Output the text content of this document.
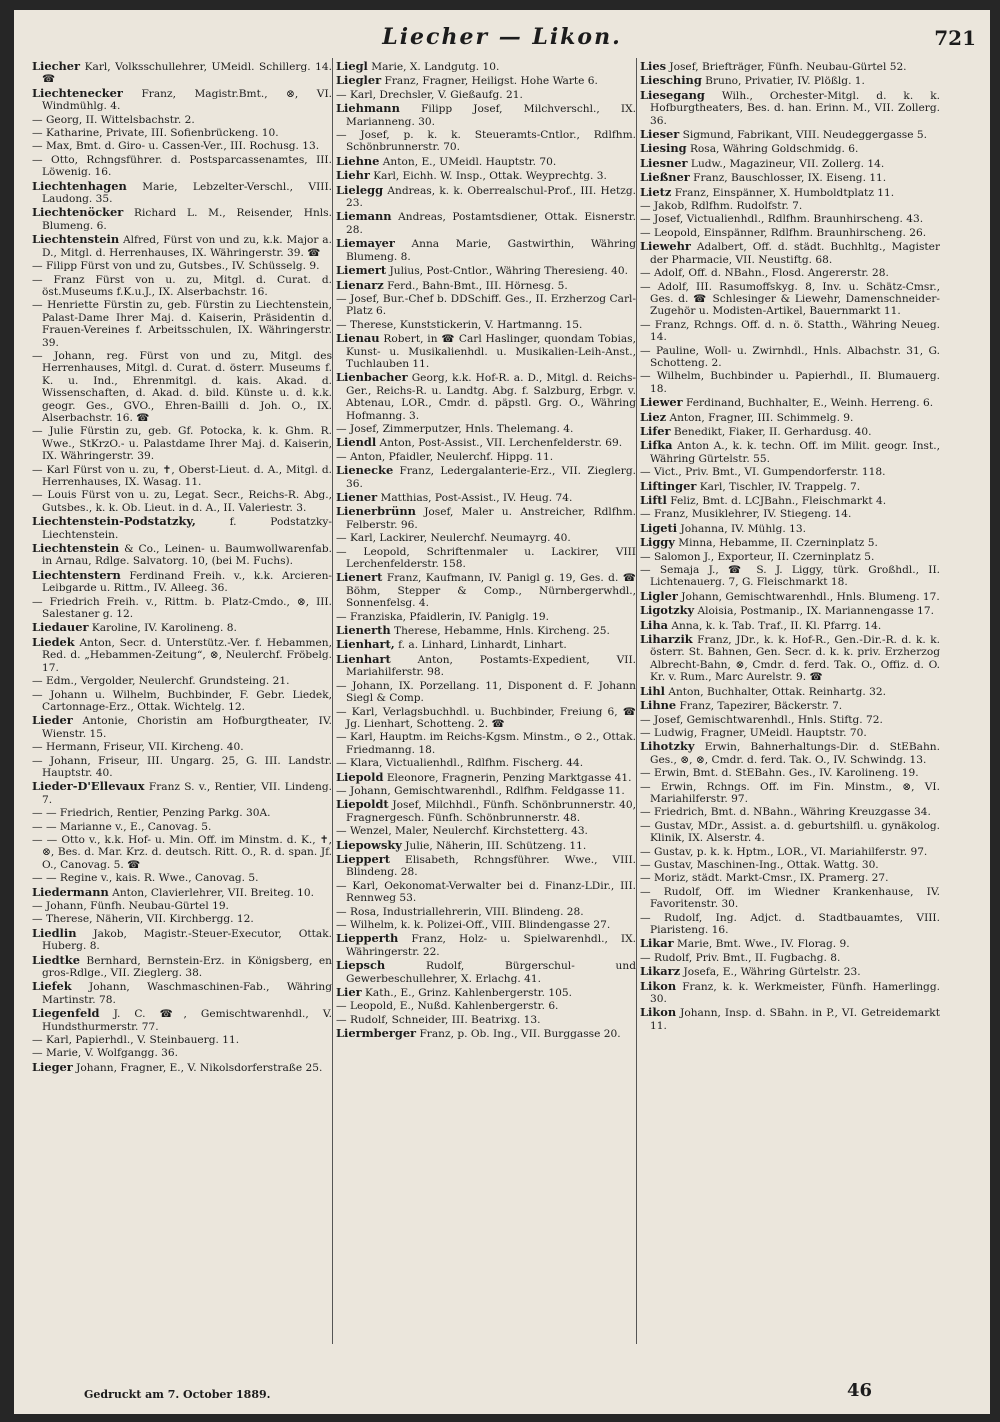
Liecher — Likon.	721

Liecher Karl, Volksschullehrer, UMeidl. Schillerg. 14. ☎

Liechtenecker Franz, Magistr.Bmt., ⊗, VI. Windmühlg. 4.

— Georg, II. Wittelsbachstr. 2.

— Katharine, Private, III. Sofienbrückeng. 10.

— Max, Bmt. d. Giro- u. Cassen-Ver., III. Rochusg. 13.

— Otto, Rchngsführer. d. Postsparcassenamtes, III. Löwenig. 16.

Liechtenhagen Marie, Lebzelter-Verschl., VIII. Laudong. 35.

Liechtenöcker Richard L. M., Reisender, Hnls. Blumeng. 6.

Liechtenstein Alfred, Fürst von und zu, k.k. Major a. D., Mitgl. d. Herrenhauses, IX. Währingerstr. 39. ☎

— Filipp Fürst von und zu, Gutsbes., IV. Schüsselg. 9.

— Franz Fürst von u. zu, Mitgl. d. Curat. d. öst.Museums f.K.u.J., IX. Alserbachstr. 16.

— Henriette Fürstin zu, geb. Fürstin zu Liechtenstein, Palast-Dame Ihrer Maj. d. Kaiserin, Präsidentin d. Frauen-Vereines f. Arbeitsschulen, IX. Währingerstr. 39.

— Johann, reg. Fürst von und zu, Mitgl. des Herrenhauses, Mitgl. d. Curat. d. österr. Museums f. K. u. Ind., Ehrenmitgl. d. kais. Akad. d. Wissenschaften, d. Akad. d. bild. Künste u. d. k.k. geogr. Ges., GVO., Ehren-Bailli d. Joh. O., IX. Alserbachstr. 16. ☎

— Julie Fürstin zu, geb. Gf. Potocka, k. k. Ghm. R. Wwe., StKrzO.- u. Palastdame Ihrer Maj. d. Kaiserin, IX. Währingerstr. 39.

— Karl Fürst von u. zu, ✝, Oberst-Lieut. d. A., Mitgl. d. Herrenhauses, IX. Wasag. 11.

— Louis Fürst von u. zu, Legat. Secr., Reichs-R. Abg., Gutsbes., k. k. Ob. Lieut. in d. A., II. Valeriestr. 3.

Liechtenstein-Podstatzky,	f. Podstatzky-Liechtenstein.

Liechtenstein & Co., Leinen- u. Baumwollwarenfab. in Arnau, Rdlge. Salvatorg. 10, (bei M. Fuchs).

Liechtenstern Ferdinand Freih. v., k.k. Arcieren-Leibgarde u. Rittm., IV. Alleeg. 36.

— Friedrich Freih. v., Rittm. b. Platz-Cmdo., ⊗, III. Salestaner g. 12.

Liedauer Karoline, IV. Karolineng. 8.

Liedek Anton, Secr. d. Unterstütz.-Ver. f. Hebammen, Red. d. „Hebammen-Zeitung“, ⊗, Neulerchf. Fröbelg. 17.

— Edm., Vergolder, Neulerchf. Grundsteing. 21.

— Johann u. Wilhelm, Buchbinder, F. Gebr. Liedek, Cartonnage-Erz., Ottak. Wichtelg. 12.

Lieder Antonie, Choristin am Hofburgtheater, IV. Wienstr. 15.

— Hermann, Friseur, VII. Kircheng. 40.

— Johann, Friseur, III. Ungarg. 25, G. III. Landstr. Hauptstr. 40.

Lieder-D'Ellevaux Franz S. v., Rentier, VII. Lindeng. 7.

— — Friedrich, Rentier, Penzing Parkg. 30A.

— — Marianne v., E., Canovag. 5.

— — Otto v., k.k. Hof- u. Min. Off. im Minstm. d. K., ✝, ⊗, Bes. d. Mar. Krz. d. deutsch. Ritt. O., R. d. span. Jf. O., Canovag. 5. ☎

— — Regine v., kais. R. Wwe., Canovag. 5.

Liedermann Anton, Clavierlehrer, VII. Breiteg. 10.

— Johann, Fünfh. Neubau-Gürtel 19.

— Therese, Näherin, VII. Kirchbergg. 12.

Liedlin Jakob, Magistr.-Steuer-Executor, Ottak. Huberg. 8.

Liedtke Bernhard, Bernstein-Erz. in Königsberg, en gros-Rdlge., VII. Zieglerg. 38.

Liefek Johann, Waschmaschinen-Fab., Währing Martinstr. 78.

Liegenfeld J. C. ☎, Gemischtwarenhdl., V. Hundsthurmerstr. 77.

— Karl, Papierhdl., V. Steinbauerg. 11.

— Marie, V. Wolfgangg. 36.

Lieger Johann, Fragner, E., V. Nikolsdorferstraße 25.

Liegl Marie, X. Landgutg. 10.

Liegler Franz, Fragner, Heiligst. Hohe Warte 6.

— Karl, Drechsler, V. Gießaufg. 21.

Liehmann Filipp Josef, Milchverschl., IX. Marianneng. 30.

— Josef, p. k. k. Steueramts-Cntlor., Rdlfhm. Schönbrunnerstr. 70.

Liehne Anton, E., UMeidl. Hauptstr. 70.

Liehr Karl, Eichh. W. Insp., Ottak. Weyprechtg. 3.

Lielegg Andreas, k. k. Oberrealschul-Prof., III. Hetzg. 23.

Liemann Andreas, Postamtsdiener, Ottak. Eisnerstr. 28.

Liemayer Anna Marie, Gastwirthin, Währing Blumeng. 8.

Liemert Julius, Post-Cntlor., Währing Theresieng. 40.

Lienarz Ferd., Bahn-Bmt., III. Hörnesg. 5.

— Josef, Bur.-Chef b. DDSchiff. Ges., II. Erzherzog Carl-Platz 6.

— Therese, Kunststickerin, V. Hartmanng. 15.

Lienau Robert, in ☎ Carl Haslinger, quondam Tobias, Kunst- u. Musikalienhdl. u. Musikalien-Leih-Anst., Tuchlauben 11.

Lienbacher Georg, k.k. Hof-R. a. D., Mitgl. d. Reichs-Ger., Reichs-R. u. Landtg. Abg. f. Salzburg, Erbgr. v. Abtenau, LOR., Cmdr. d. päpstl. Grg. O., Währing Hofmanng. 3.

— Josef, Zimmerputzer, Hnls. Thelemang. 4.

Liendl Anton, Post-Assist., VII. Lerchenfelderstr. 69.

— Anton, Pfaidler, Neulerchf. Hippg. 11.

Lienecke Franz, Ledergalanterie-Erz., VII. Zieglerg. 36.

Liener Matthias, Post-Assist., IV. Heug. 74.

Lienerbrünn Josef, Maler u. Anstreicher, Rdlfhm. Felberstr. 96.

— Karl, Lackirer, Neulerchf. Neumayrg. 40.

— Leopold, Schriftenmaler u. Lackirer, VIII Lerchenfelderstr. 158.

Lienert Franz, Kaufmann, IV. Panigl g. 19, Ges. d. ☎ Böhm, Stepper & Comp., Nürnbergerwhdl., Sonnenfelsg. 4.

— Franziska, Pfaidlerin, IV. Paniglg. 19.

Lienerth Therese, Hebamme, Hnls. Kircheng. 25.

Lienhart, f. a. Linhard, Linhardt, Linhart.

Lienhart	Anton, Postamts-Expedient, VII. Mariahilferstr. 98.

— Johann, IX. Porzellang. 11, Disponent d. F. Johann Siegl & Comp.

— Karl, Verlagsbuchhdl. u. Buchbinder, Freiung 6, ☎ Jg. Lienhart, Schotteng. 2. ☎

— Karl, Hauptm. im Reichs-Kgsm. Minstm., ⊙ 2., Ottak. Friedmanng. 18.

— Klara, Victualienhdl., Rdlfhm. Fischerg. 44.

Liepold Eleonore, Fragnerin, Penzing Marktgasse 41.

— Johann, Gemischtwarenhdl., Rdlfhm. Feldgasse 11.

Liepoldt Josef, Milchhdl., Fünfh. Schönbrunnerstr. 40, Fragnergesch. Fünfh. Schönbrunnerstr. 48.

— Wenzel, Maler, Neulerchf. Kirchstetterg. 43.

Liepowsky Julie, Näherin, III. Schützeng. 11.

Lieppert Elisabeth, Rchngsführer. Wwe., VIII. Blindeng. 28.

— Karl, Oekonomat-Verwalter bei d. Finanz-LDir., III. Rennweg 53.

— Rosa, Industriallehrerin, VIII. Blindeng. 28.

— Wilhelm, k. k. Polizei-Off., VIII. Blindengasse 27.

Liepperth Franz, Holz- u. Spielwarenhdl., IX. Währingerstr. 22.

Liepsch	Rudolf, Bürgerschul- und Gewerbeschullehrer, X. Erlachg. 41.

Lier Kath., E., Grinz. Kahlenbergerstr. 105.

— Leopold, E., Nußd. Kahlenbergerstr. 6.

— Rudolf, Schneider, III. Beatrixg. 13.

Liermberger Franz, p. Ob. Ing., VII. Burggasse 20.

Lies Josef, Briefträger, Fünfh. Neubau-Gürtel 52.

Liesching Bruno, Privatier, IV. Plößlg. 1.

Liesegang Wilh., Orchester-Mitgl. d. k. k. Hofburgtheaters, Bes. d. han. Erinn. M., VII. Zollerg. 36.

Lieser Sigmund, Fabrikant, VIII. Neudeggergasse 5.

Liesing Rosa, Währing Goldschmidg. 6.

Liesner Ludw., Magazineur, VII. Zollerg. 14.

Ließner Franz, Bauschlosser, IX. Eiseng. 11.

Lietz Franz, Einspänner, X. Humboldtplatz 11.

— Jakob, Rdlfhm. Rudolfstr. 7.

— Josef, Victualienhdl., Rdlfhm. Braunhirscheng. 43.

— Leopold, Einspänner, Rdlfhm. Braunhirscheng. 26.

Liewehr Adalbert, Off. d. städt. Buchhltg., Magister der Pharmacie, VII. Neustiftg. 68.

— Adolf, Off. d. NBahn., Flosd. Angererstr. 28.

— Adolf, III. Rasumoffskyg. 8, Inv. u. Schätz-Cmsr., Ges. d. ☎ Schlesinger & Liewehr, Damenschneider-Zugehör u. Modisten-Artikel, Bauernmarkt 11.

— Franz, Rchngs. Off. d. n. ö. Statth., Währing Neueg. 14.

— Pauline, Woll- u. Zwirnhdl., Hnls. Albachstr. 31, G. Schotteng. 2.

— Wilhelm, Buchbinder u. Papierhdl., II. Blumauerg. 18.

Liewer Ferdinand, Buchhalter, E., Weinh. Herreng. 6.

Liez Anton, Fragner, III. Schimmelg. 9.

Lifer Benedikt, Fiaker, II. Gerhardusg. 40.

Lifka Anton A., k. k. techn. Off. im Milit. geogr. Inst., Währing Gürtelstr. 55.

— Vict., Priv. Bmt., VI. Gumpendorferstr. 118.

Liftinger Karl, Tischler, IV. Trappelg. 7.

Liftl Feliz, Bmt. d. LCJBahn., Fleischmarkt 4.

— Franz, Musiklehrer, IV. Stiegeng. 14.

Ligeti Johanna, IV. Mühlg. 13.

Liggy Minna, Hebamme, II. Czerninplatz 5.

— Salomon J., Exporteur, II. Czerninplatz 5.

— Semaja J., ☎ S. J. Liggy, türk. Großhdl., II. Lichtenauerg. 7, G. Fleischmarkt 18.

Ligler Johann, Gemischtwarenhdl., Hnls. Blumeng. 17.

Ligotzky Aloisia, Postmanip., IX. Mariannengasse 17.

Liha Anna, k. k. Tab. Traf., II. Kl. Pfarrg. 14.

Liharzik Franz, JDr., k. k. Hof-R., Gen.-Dir.-R. d. k. k. österr. St. Bahnen, Gen. Secr. d. k. k. priv. Erzherzog Albrecht-Bahn, ⊗, Cmdr. d. ferd. Tak. O., Offiz. d. O. Kr. v. Rum., Marc Aurelstr. 9. ☎

Lihl Anton, Buchhalter, Ottak. Reinhartg. 32.

Lihne Franz, Tapezirer, Bäckerstr. 7.

— Josef, Gemischtwarenhdl., Hnls. Stiftg. 72.

— Ludwig, Fragner, UMeidl. Hauptstr. 70.

Lihotzky Erwin, Bahnerhaltungs-Dir. d. StEBahn. Ges., ⊗, ⊗, Cmdr. d. ferd. Tak. O., IV. Schwindg. 13.

— Erwin, Bmt. d. StEBahn. Ges., IV. Karolineng. 19.

— Erwin, Rchngs. Off. im Fin. Minstm., ⊗, VI. Mariahilferstr. 97.

— Friedrich, Bmt. d. NBahn., Währing Kreuzgasse 34.

— Gustav, MDr., Assist. a. d. geburtshilfl. u. gynäkolog. Klinik, IX. Alserstr. 4.

— Gustav, p. k. k. Hptm., LOR., VI. Mariahilferstr. 97.

— Gustav, Maschinen-Ing., Ottak. Wattg. 30.

— Moriz, städt. Markt-Cmsr., IX. Pramerg. 27.

— Rudolf, Off. im Wiedner Krankenhause, IV. Favoritenstr. 30.

— Rudolf, Ing. Adjct. d. Stadtbauamtes, VIII. Piaristeng. 16.

Likar Marie, Bmt. Wwe., IV. Florag. 9.

— Rudolf, Priv. Bmt., II. Fugbachg. 8.

Likarz Josefa, E., Währing Gürtelstr. 23.

Likon Franz, k. k. Werkmeister, Fünfh. Hamerlingg. 30.

Likon Johann, Insp. d. SBahn. in P., VI. Getreidemarkt 11.

Gedruckt am 7. October 1889.	46
